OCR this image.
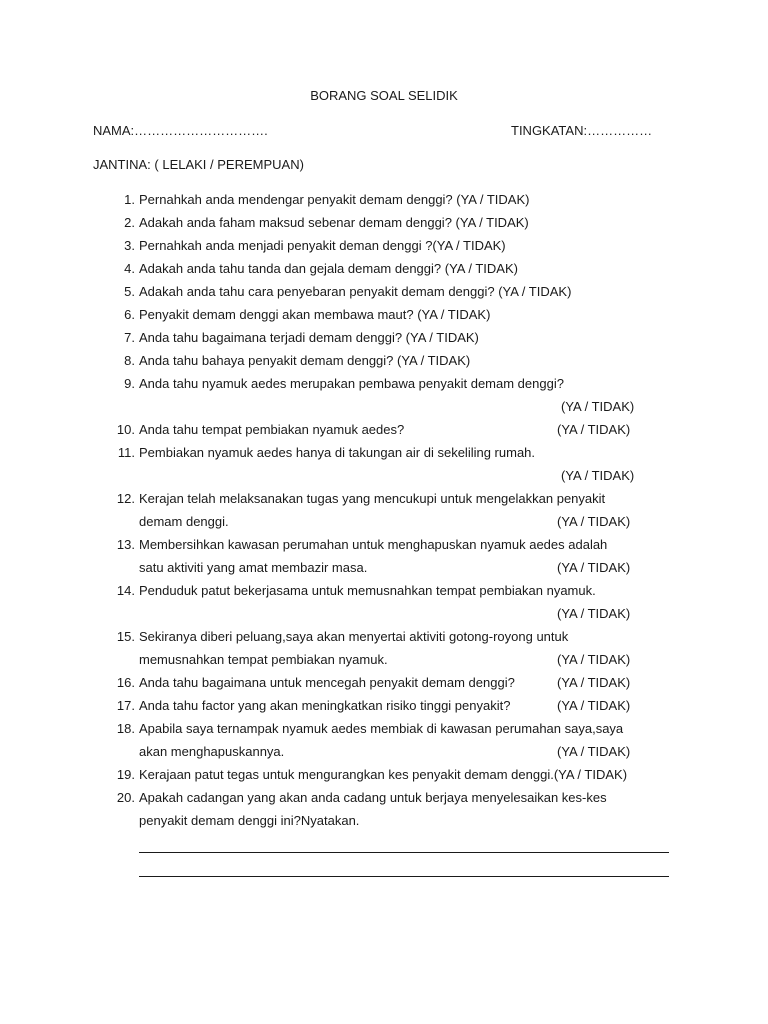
BORANG SOAL SELIDIK
NAMA:………………………….	TINGKATAN:……………
JANTINA: ( LELAKI / PEREMPUAN)
1. Pernahkah anda mendengar penyakit demam denggi? (YA / TIDAK)
2. Adakah anda faham maksud sebenar demam denggi? (YA / TIDAK)
3. Pernahkah anda menjadi penyakit deman denggi ?(YA / TIDAK)
4. Adakah anda tahu tanda dan gejala demam denggi? (YA / TIDAK)
5. Adakah anda tahu cara penyebaran penyakit demam denggi? (YA / TIDAK)
6. Penyakit demam denggi akan membawa maut? (YA / TIDAK)
7. Anda tahu bagaimana terjadi demam denggi? (YA / TIDAK)
8. Anda tahu bahaya penyakit demam denggi? (YA / TIDAK)
9. Anda tahu nyamuk aedes merupakan pembawa penyakit demam denggi?
(YA / TIDAK)
10. Anda tahu tempat pembiakan nyamuk aedes?	(YA / TIDAK)
11. Pembiakan nyamuk aedes hanya di takungan air di sekeliling rumah.
(YA / TIDAK)
12. Kerajan telah melaksanakan tugas yang mencukupi untuk mengelakkan penyakit
demam denggi.	(YA / TIDAK)
13. Membersihkan kawasan perumahan untuk menghapuskan nyamuk aedes adalah
satu aktiviti yang amat membazir masa.	(YA / TIDAK)
14. Penduduk patut bekerjasama untuk memusnahkan tempat pembiakan nyamuk.
(YA / TIDAK)
15. Sekiranya diberi peluang,saya akan menyertai aktiviti gotong-royong untuk
memusnahkan tempat pembiakan nyamuk.	(YA / TIDAK)
16. Anda tahu bagaimana untuk mencegah penyakit demam denggi?	(YA / TIDAK)
17. Anda tahu factor yang akan meningkatkan risiko tinggi penyakit?	(YA / TIDAK)
18. Apabila saya ternampak nyamuk aedes membiak di kawasan perumahan saya,saya
akan menghapuskannya.	(YA / TIDAK)
19. Kerajaan patut tegas untuk mengurangkan kes penyakit demam denggi.(YA / TIDAK)
20. Apakah cadangan yang akan anda cadang untuk berjaya menyelesaikan kes-kes
penyakit demam denggi ini?Nyatakan.
